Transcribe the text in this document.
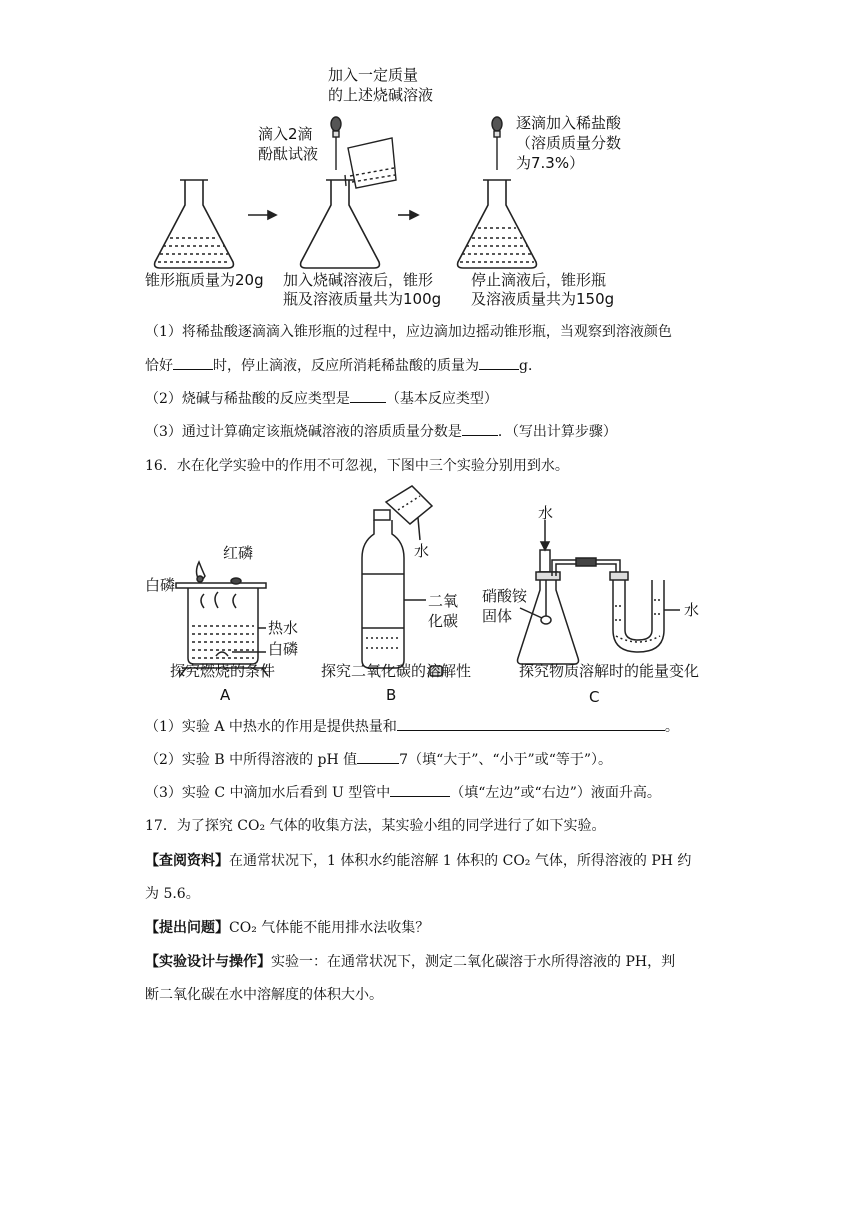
加入一定质量
的上述烧碱溶液
滴入2滴
酚酞试液
逐滴加入稀盐酸
（溶质质量分数
为7.3%）
锥形瓶质量为20g 加入烧碱溶液后，锥形
瓶及溶液质量共为100g
停止滴液后，锥形瓶
及溶液质量共为150g
（1）将稀盐酸逐滴滴入锥形瓶的过程中，应边滴加边摇动锥形瓶，当观察到溶液颜色
恰好	时，停止滴液，反应所消耗稀盐酸的质量为	g．
（2）烧碱与稀盐酸的反应类型是	（基本反应类型）
（3）通过计算确定该瓶烧碱溶液的溶质质量分数是	．（写出计算步骤）
16．水在化学实验中的作用不可忽视，下图中三个实验分别用到水。
红磷
白磷
热水
白磷
探究燃烧的条件
A
水
二氧
化碳
探究二氧化碳的溶解性
B
水
硝酸铵
固体	水
探究物质溶解时的能量变化
C
（1）实验 A 中热水的作用是提供热量和	。
（2）实验 B 中所得溶液的 pH 值	7（填“大于”、“小于”或“等于”）。
（3）实验 C 中滴加水后看到 U 型管中	（填“左边”或“右边”）液面升高。
17．为了探究 CO₂ 气体的收集方法，某实验小组的同学进行了如下实验。
【查阅资料】在通常状况下，1 体积水约能溶解 1 体积的 CO₂ 气体，所得溶液的 PH 约
为 5.6。
【提出问题】CO₂ 气体能不能用排水法收集？
【实验设计与操作】实验一：在通常状况下，测定二氧化碳溶于水所得溶液的 PH，判
断二氧化碳在水中溶解度的体积大小。
